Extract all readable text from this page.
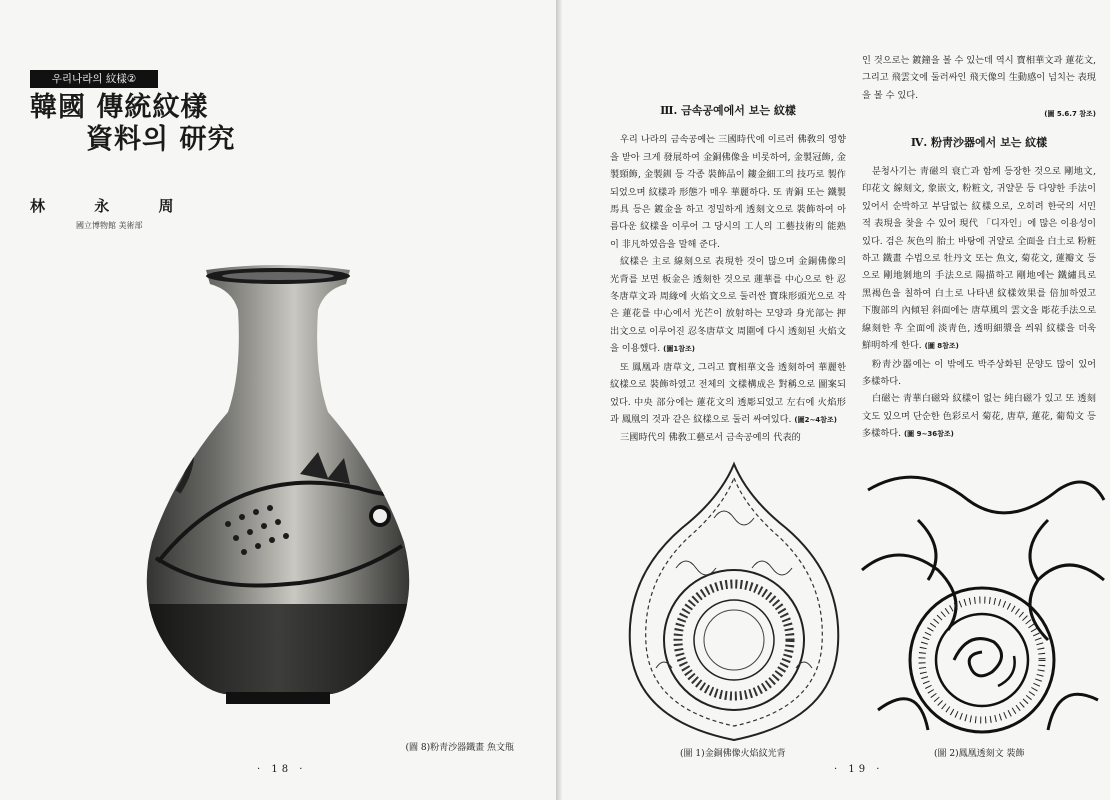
우리나라의 紋樣②
韓國 傳統紋樣
資料의 研究
林 永 周
國立博物館 美術部
(圖 8)粉靑沙器鐵畫 魚文甁
· 18 ·
Ⅲ. 금속공예에서 보는 紋樣

우리 나라의 금속공예는 三國時代에 이르러 佛敎의 영향을 받아 크게 發展하여 金銅佛像을 비롯하여, 金製冠飾, 金製頸飾, 金製釧 등 각종 裝飾品이 鏤金細工의 技巧로 製作되었으며 紋樣과 形態가 매우 華麗하다. 또 靑銅 또는 鐵製馬具 등은 鍍金을 하고 정밀하게 透刻文으로 裝飾하여 아름다운 紋樣을 이루어 그 당시의 工人의 工藝技術의 能熟이 非凡하였음을 말해 준다.

紋樣은 主로 線刻으로 表現한 것이 많으며 金銅佛像의 光背를 보면 板金은 透刻한 것으로 蓮華를 中心으로 한 忍冬唐草文과 周緣에 火焰文으로 둘러싼 寶珠形頭光으로 작은 蓮花를 中心에서 光芒이 放射하는 모양과 身光部는 押出文으로 이루어진 忍冬唐草文 周圍에 다시 透刻된 火焰文을 이용했다. (圖1참조)

또 鳳凰과 唐草文, 그리고 寶相華文을 透刻하여 華麗한 紋樣으로 裝飾하였고 전체의 文樣構成은 對稱으로 圖案되었다. 中央 部分에는 蓮花文의 透彫되었고 左右에 火焰形과 鳳凰의 것과 같은 紋樣으로 둘러 싸여있다. (圖2~4참조)

三國時代의 佛敎工藝로서 금속공예의 代表的

인 것으로는 鍍鐘을 볼 수 있는데 역시 寶相華文과 蓮花文, 그리고 飛雲文에 둘러싸인 飛天像의 生動感이 넘치는 表現을 볼 수 있다.

(圖 5.6.7 참조)
Ⅳ. 粉靑沙器에서 보는 紋樣

분청사기는 靑磁의 衰亡과 함께 등장한 것으로 剛地文, 印花文 線刻文, 象嵌文, 粉粧文, 귀얄문 등 다양한 手法이 있어서 순박하고 부담없는 紋樣으로, 오히려 한국의 서민적 表現을 찾을 수 있어 現代 「디자인」에 많은 이용성이 있다. 검은 灰色의 胎土 바탕에 귀얄로 全面을 白土로 粉粧하고 鐵畫 수법으로 牡丹文 또는 魚文, 菊花文, 蓮瓣文 등으로 剛地剝地의 手法으로 陽描하고 剛地에는 鐵繡具로 黑褐色을 칠하여 白土로 나타낸 紋樣效果를 倍加하였고 下腹部의 內傾된 斜面에는 唐草風의 雲文을 彫花手法으로 線刻한 후 全面에 淡靑色, 透明細漿을 씌워 紋樣을 더욱 鮮明하게 한다. (圖 8참조)

粉靑沙器에는 이 밖에도 박주상화된 문양도 많이 있어 多樣하다.

白磁는 靑華白磁와 紋樣이 없는 純白磁가 있고 또 透刻文도 있으며 단순한 色彩로서 菊花, 唐草, 蓮花, 葡萄文 등 多樣하다. (圖 9~36참조)

(圖 1)金銅佛像火焰紋光背	(圖 2)鳳凰透刻文 裝飾
· 19 ·
